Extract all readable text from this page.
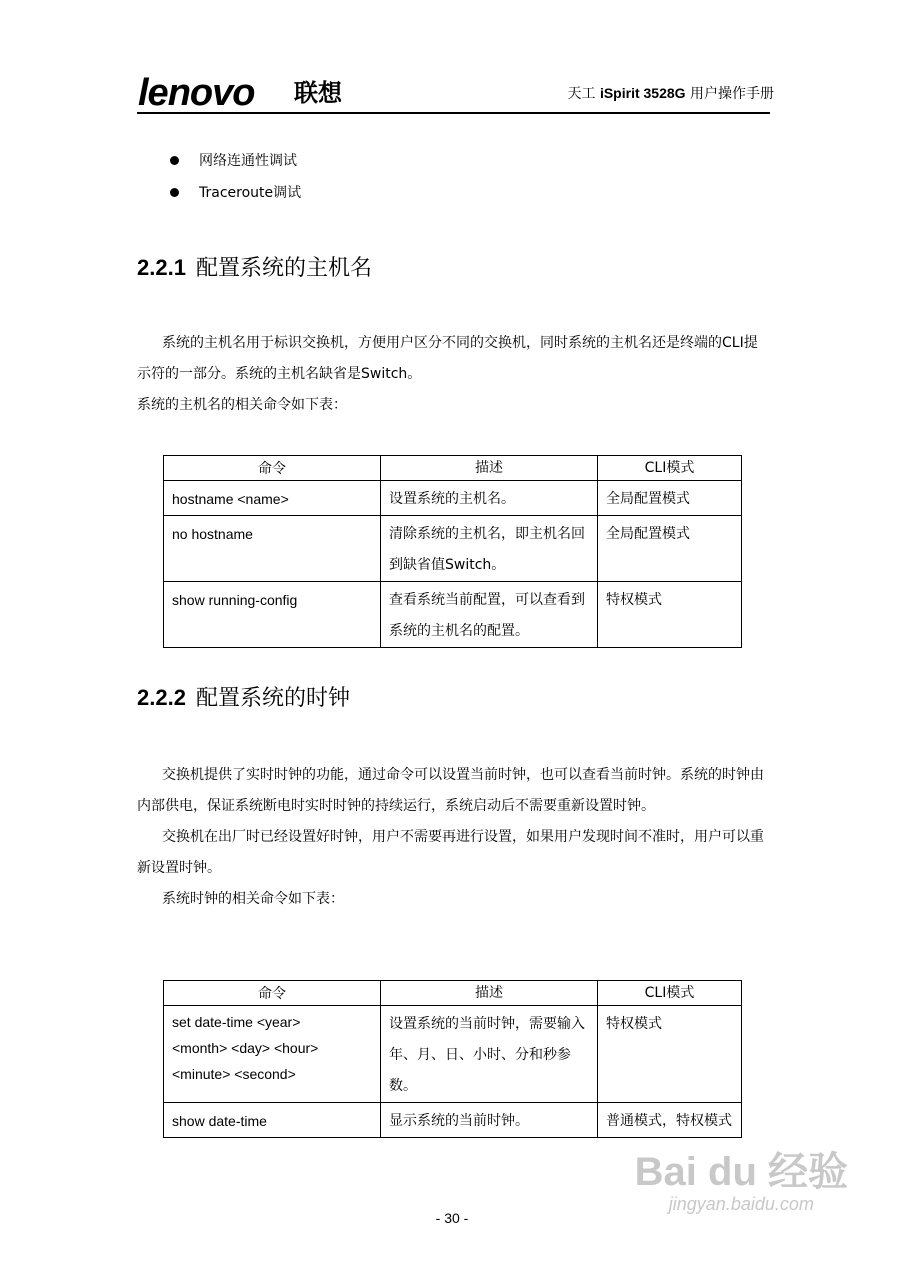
lenovo 联想	天工 iSpirit 3528G 用户操作手册
网络连通性调试
Traceroute调试
2.2.1 配置系统的主机名

系统的主机名用于标识交换机，方便用户区分不同的交换机，同时系统的主机名还是终端的CLI提示符的一部分。系统的主机名缺省是Switch。

系统的主机名的相关命令如下表：

命令	描述	CLI模式
hostname <name>	设置系统的主机名。	全局配置模式
no hostname	清除系统的主机名，即主机名回到缺省值Switch。	全局配置模式
show running-config	查看系统当前配置，可以查看到系统的主机名的配置。	特权模式
2.2.2 配置系统的时钟

交换机提供了实时时钟的功能，通过命令可以设置当前时钟，也可以查看当前时钟。系统的时钟由内部供电，保证系统断电时实时时钟的持续运行，系统启动后不需要重新设置时钟。

交换机在出厂时已经设置好时钟，用户不需要再进行设置，如果用户发现时间不准时，用户可以重新设置时钟。

系统时钟的相关命令如下表：

命令	描述	CLI模式

set date-time <year>
<month> <day> <hour>
<minute> <second>	设置系统的当前时钟，需要输入年、月、日、小时、分和秒参数。	特权模式
show date-time	显示系统的当前时钟。	普通模式，特权模式
- 30 -
Bai du 经验
jingyan.baidu.com
